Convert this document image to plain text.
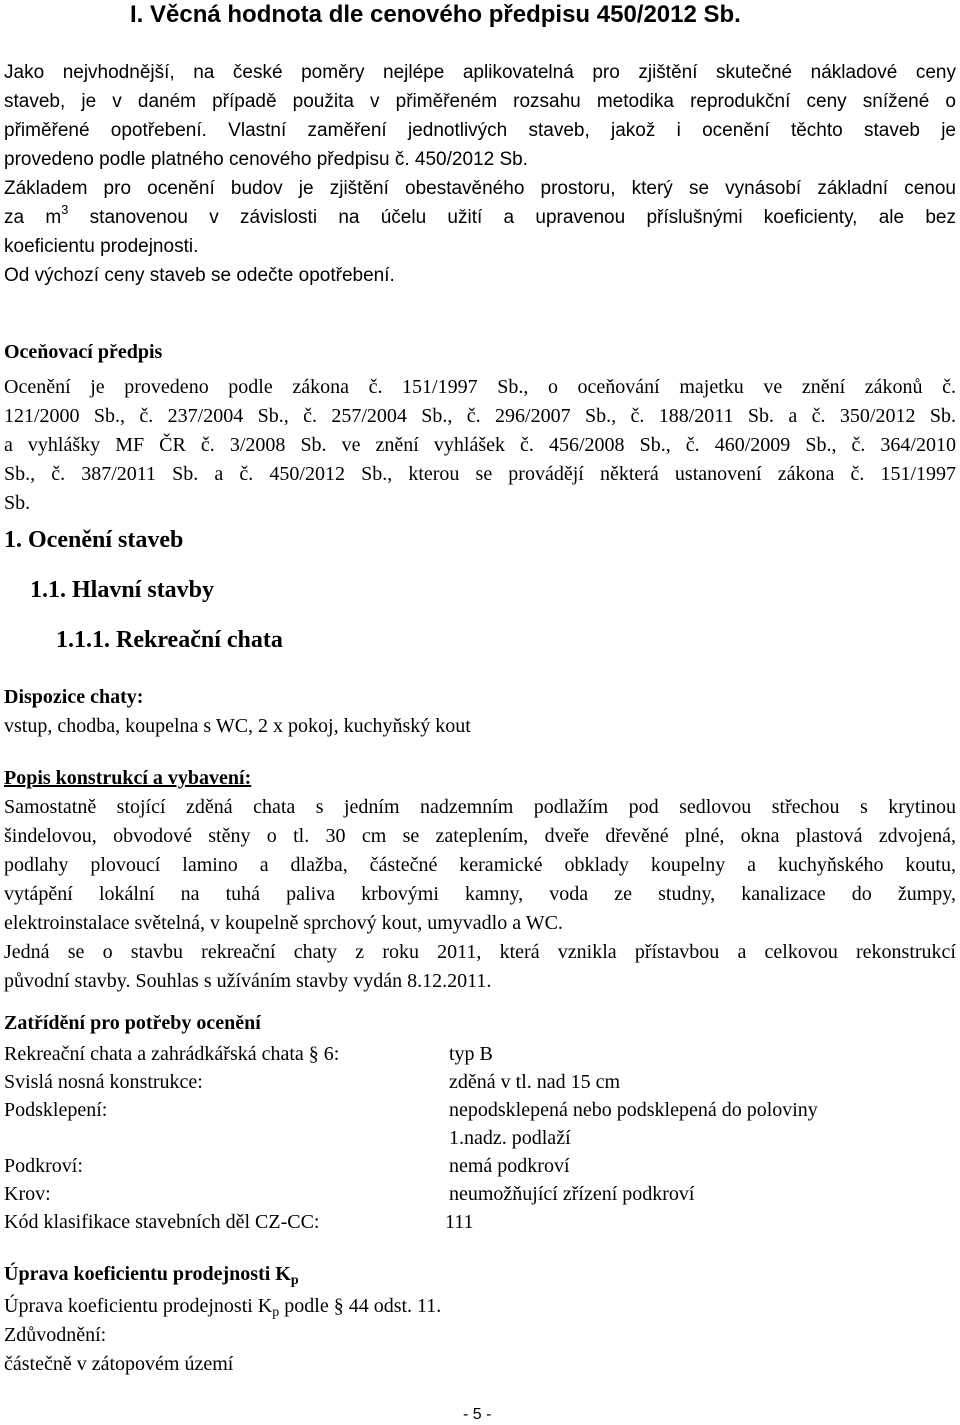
I. Věcná hodnota dle cenového předpisu 450/2012 Sb.

Jako nejvhodnější, na české poměry nejlépe aplikovatelná pro zjištění skutečné nákladové ceny

staveb, je v daném případě použita v přiměřeném rozsahu metodika reprodukční ceny snížené o

přiměřené opotřebení. Vlastní zaměření jednotlivých staveb, jakož i ocenění těchto staveb je

provedeno podle platného cenového předpisu č. 450/2012 Sb.

Základem pro ocenění budov je zjištění obestavěného prostoru, který se vynásobí základní cenou

za $m^3$ stanovenou v závislosti na účelu užití a upravenou příslušnými koeficienty, ale bez

koeficientu prodejnosti.

Od výchozí ceny staveb se odečte opotřebení.

Oceňovací předpis

Ocenění je provedeno podle zákona č. 151/1997 Sb., o oceňování majetku ve znění zákonů č.

121/2000 Sb., č. 237/2004 Sb., č. 257/2004 Sb., č. 296/2007 Sb., č. 188/2011 Sb. a č. 350/2012 Sb.

a vyhlášky MF ČR č. 3/2008 Sb. ve znění vyhlášek č. 456/2008 Sb., č. 460/2009 Sb., č. 364/2010

Sb., č. 387/2011 Sb. a č. 450/2012 Sb., kterou se provádějí některá ustanovení zákona č. 151/1997

Sb.

1. Ocenění staveb
1.1. Hlavní stavby
1.1.1. Rekreační chata

Dispozice chaty:

vstup, chodba, koupelna s WC, 2 x pokoj, kuchyňský kout

Popis konstrukcí a vybavení:

Samostatně stojící zděná chata s jedním nadzemním podlažím pod sedlovou střechou s krytinou

šindelovou, obvodové stěny o tl. 30 cm se zateplením, dveře dřevěné plné, okna plastová zdvojená,

podlahy plovoucí lamino a dlažba, částečné keramické obklady koupelny a kuchyňského koutu,

vytápění lokální na tuhá paliva krbovými kamny, voda ze studny, kanalizace do žumpy,

elektroinstalace světelná, v koupelně sprchový kout, umyvadlo a WC.

Jedná se o stavbu rekreační chaty z roku 2011, která vznikla přístavbou a celkovou rekonstrukcí

původní stavby. Souhlas s užíváním stavby vydán 8.12.2011.

Zatřídění pro potřeby ocenění

Rekreační chata a zahrádkářská chata § 6:	typ B
Svislá nosná konstrukce:	zděná v tl. nad 15 cm
Podsklepení:	nepodsklepená nebo podsklepená do poloviny
1.nadz. podlaží
Podkroví:	nemá podkroví
Krov:	neumožňující zřízení podkroví
Kód klasifikace stavebních děl CZ-CC:	111

Úprava koeficientu prodejnosti $K_p$

Úprava koeficientu prodejnosti $K_p$ podle § 44 odst. 11.

Zdůvodnění:

částečně v zátopovém území

- 5 -
